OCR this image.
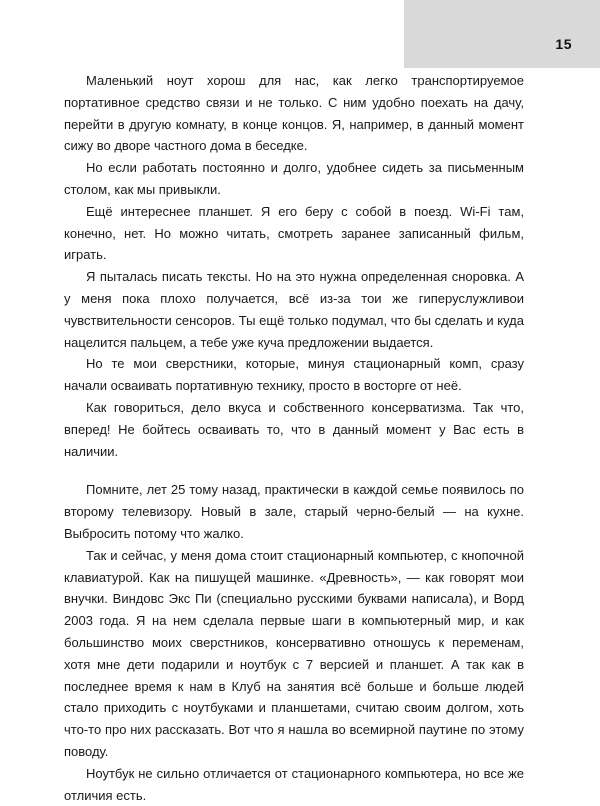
15

Маленький ноут хорош для нас, как легко транспортируемое портативное средство связи и не только. С ним удобно поехать на дачу, перейти в другую комнату, в конце концов. Я, например, в данный момент сижу во дворе частного дома в беседке.

Но если работать постоянно и долго, удобнее сидеть за письменным столом, как мы привыкли.

Ещё интереснее планшет. Я его беру с собой в поезд. Wi-Fi там, конечно, нет. Но можно читать, смотреть заранее записанный фильм, играть.

Я пыталась писать тексты. Но на это нужна определенная сноровка. А у меня пока плохо получается, всё из-за тои же гиперуслужливои чувствительности сенсоров. Ты ещё только подумал, что бы сделать и куда нацелится пальцем, а тебе уже куча предложении выдается.

Но те мои сверстники, которые, минуя стационарный комп, сразу начали осваивать портативную технику, просто в восторге от неё.

Как говориться, дело вкуса и собственного консерватизма. Так что, вперед! Не бойтесь осваивать то, что в данный момент у Вас есть в наличии.

Помните, лет 25 тому назад, практически в каждой семье появилось по второму телевизору. Новый в зале, старый черно-белый — на кухне. Выбросить потому что жалко.

Так и сейчас, у меня дома стоит стационарный компьютер, с кнопочной клавиатурой. Как на пишущей машинке. «Древность», — как говорят мои внучки. Виндовс Экс Пи (специально русскими буквами написала), и Ворд 2003 года. Я на нем сделала первые шаги в компьютерный мир, и как большинство моих сверстников, консервативно отношусь к переменам, хотя мне дети подарили и ноутбук с 7 версией и планшет. А так как в последнее время к нам в Клуб на занятия всё больше и больше людей стало приходить с ноутбуками и планшетами, считаю своим долгом, хоть что-то про них рассказать. Вот что я нашла во всемирной паутине по этому поводу.

Ноутбук не сильно отличается от стационарного компьютера, но все же отличия есть.
